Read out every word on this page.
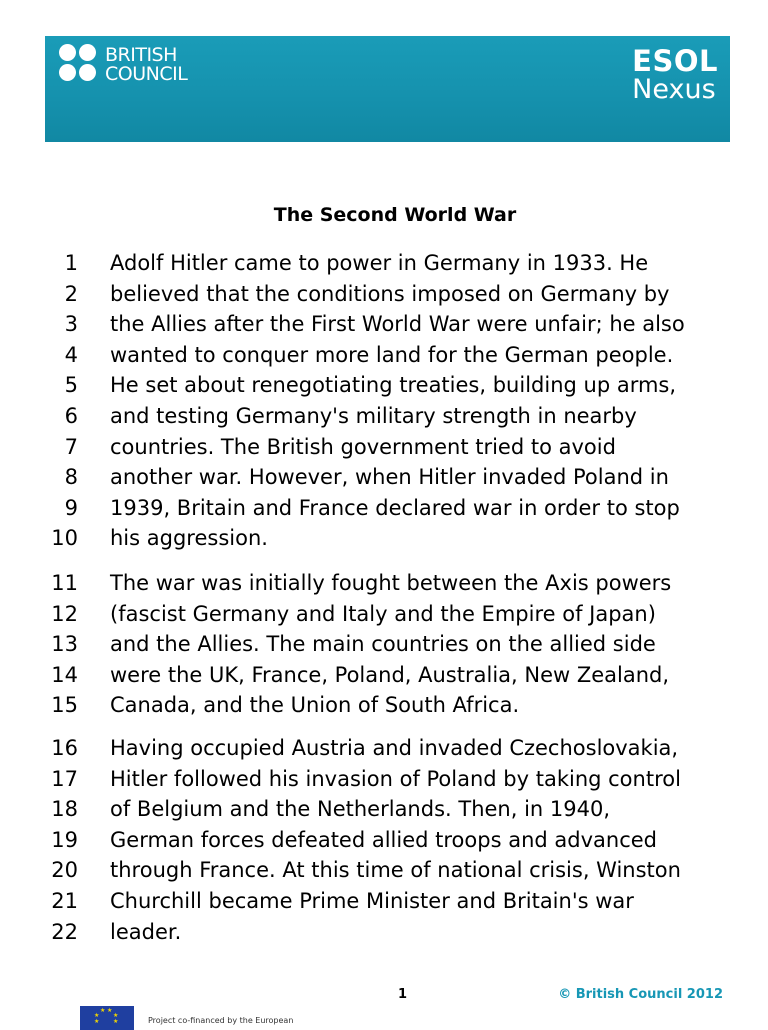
BRITISH
COUNCIL	ESOL
Nexus
The Second World War
1 Adolf Hitler came to power in Germany in 1933. He
2 believed that the conditions imposed on Germany by
3 the Allies after the First World War were unfair; he also
4 wanted to conquer more land for the German people.
5 He set about renegotiating treaties, building up arms,
6 and testing Germany's military strength in nearby
7 countries. The British government tried to avoid
8 another war. However, when Hitler invaded Poland in
9 1939, Britain and France declared war in order to stop
10 his aggression.
11 The war was initially fought between the Axis powers
12 (fascist Germany and Italy and the Empire of Japan)
13 and the Allies. The main countries on the allied side
14 were the UK, France, Poland, Australia, New Zealand,
15 Canada, and the Union of South Africa.
16 Having occupied Austria and invaded Czechoslovakia,
17 Hitler followed his invasion of Poland by taking control
18 of Belgium and the Netherlands. Then, in 1940,
19 German forces defeated allied troops and advanced
20 through France. At this time of national crisis, Winston
21 Churchill became Prime Minister and Britain's war
22 leader.
1	© British Council 2012
★ ★
★ ★
★ ★	Project co-financed by the European
